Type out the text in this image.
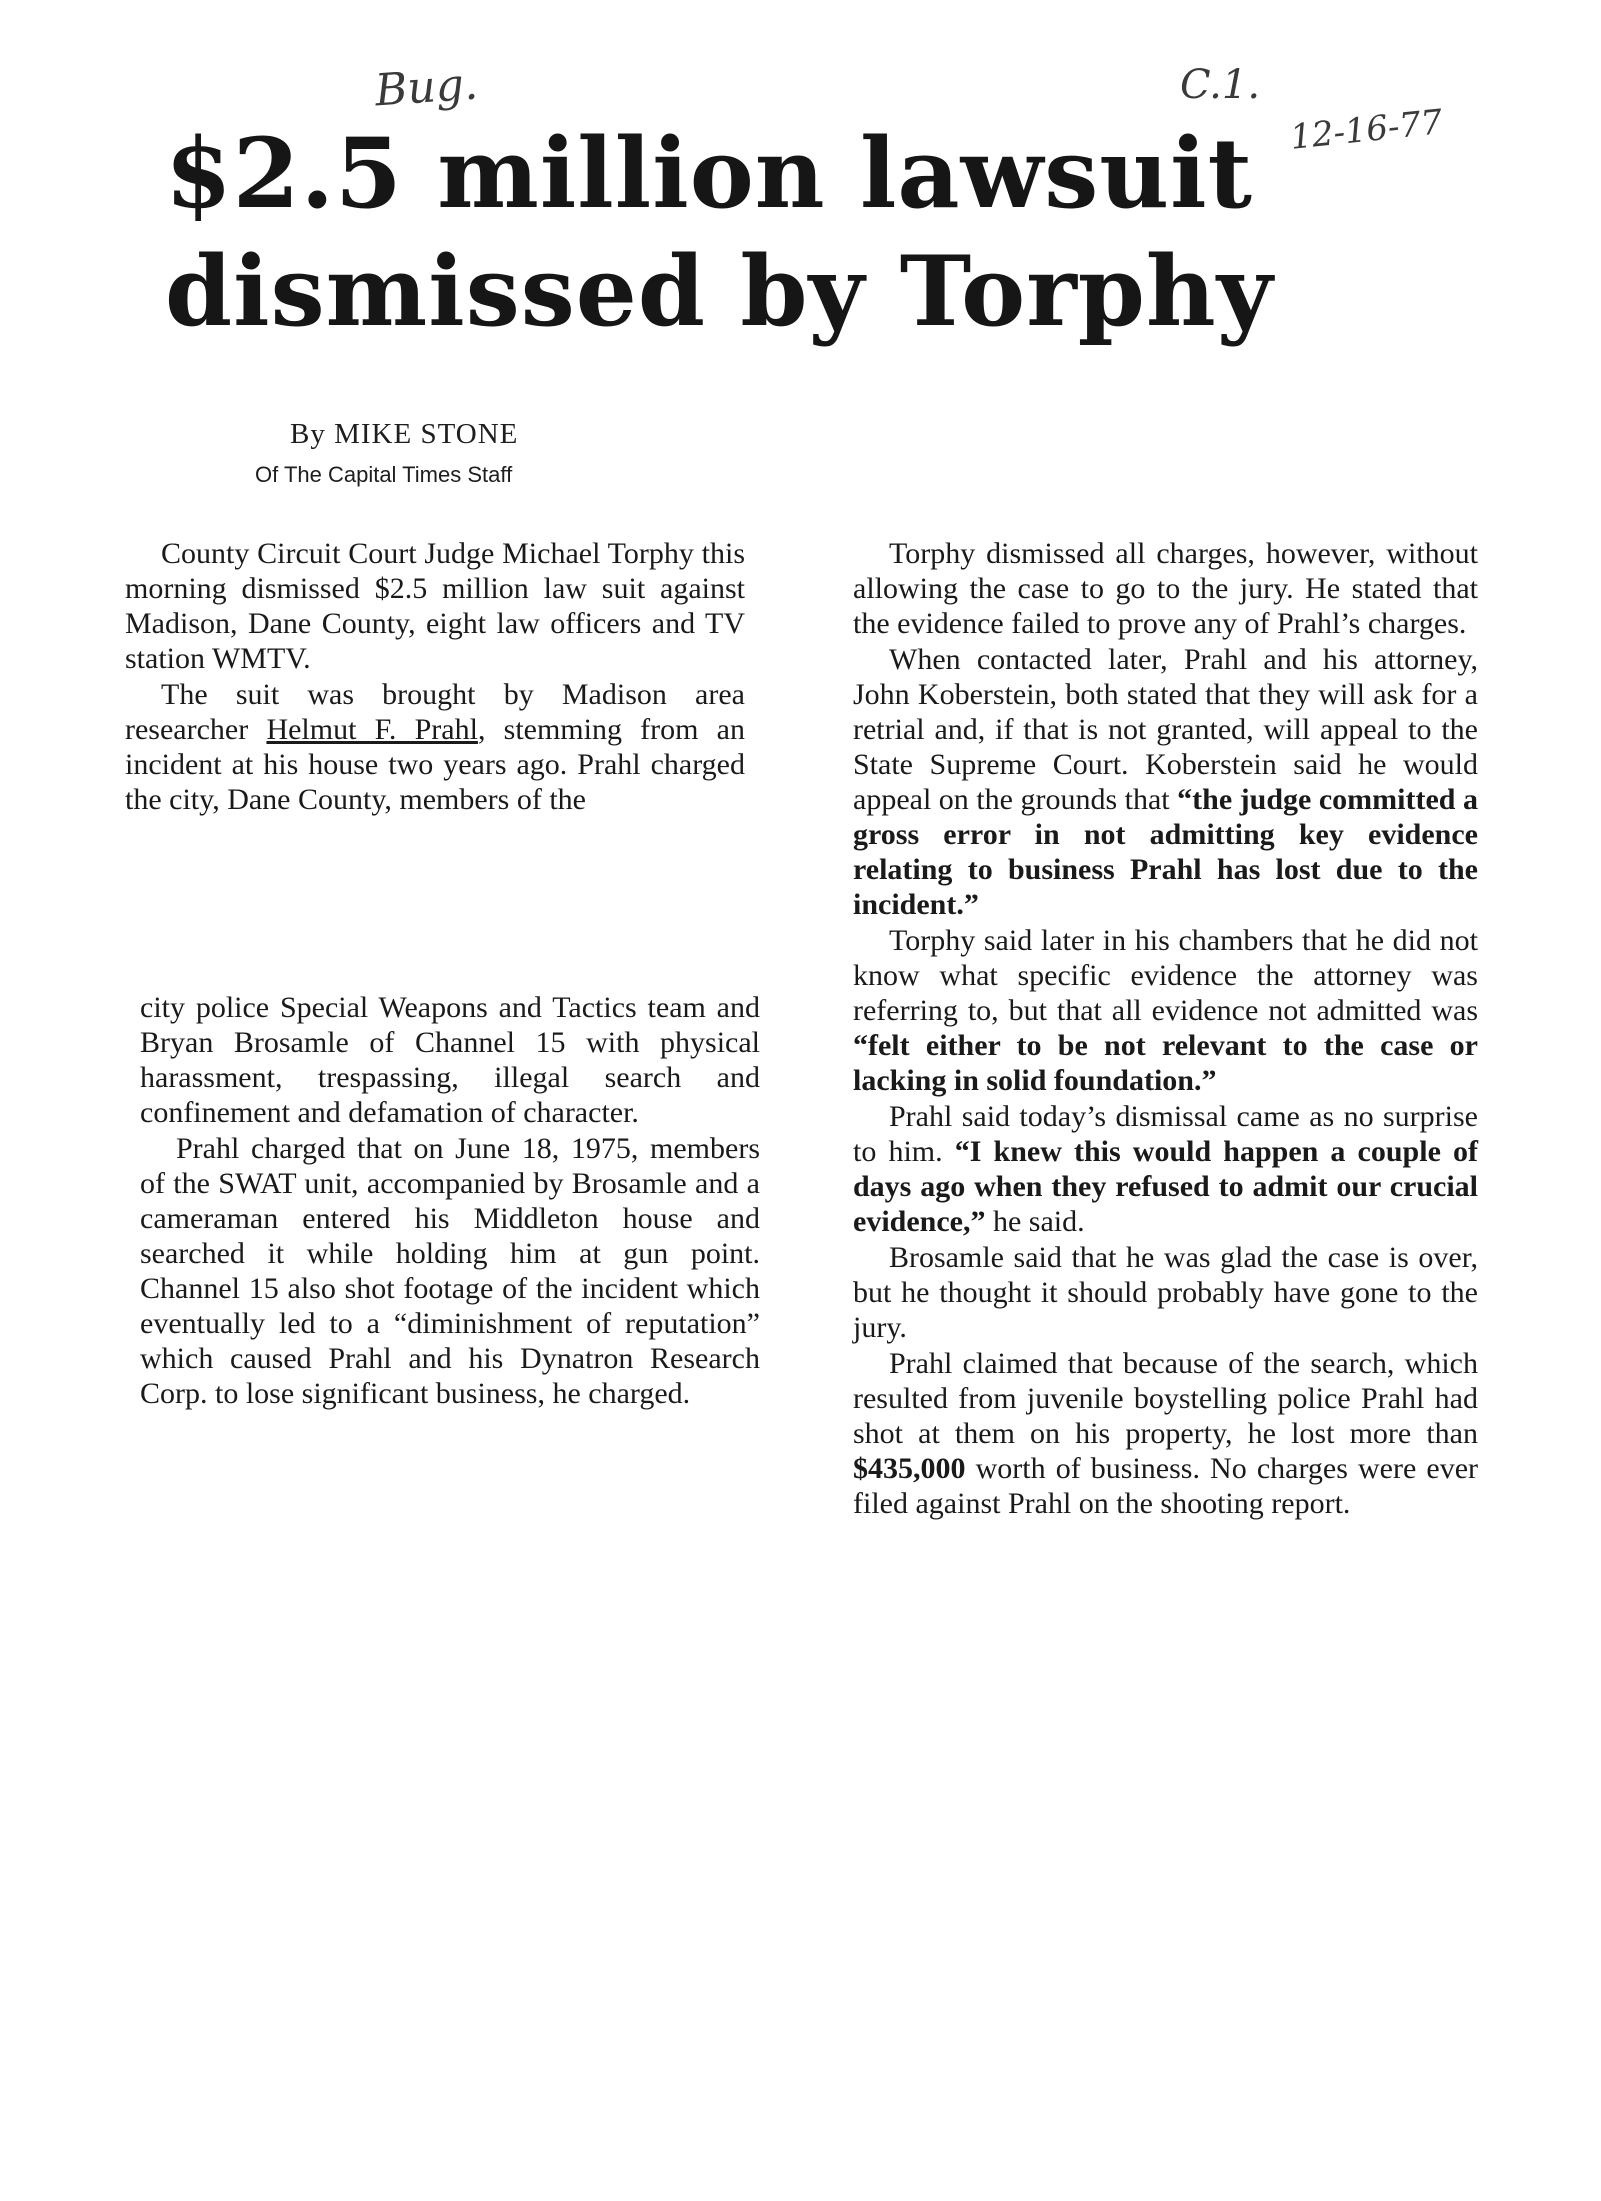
Bug.	C.1.
12-16-77
$2.5 million lawsuit
dismissed by Torphy
By MIKE STONE
Of The Capital Times Staff

County Circuit Court Judge Michael Torphy this morning dismissed $2.5 million law suit against Madison, Dane County, eight law officers and TV station WMTV.

The suit was brought by Madison area researcher Helmut F. Prahl, stemming from an incident at his house two years ago. Prahl charged the city, Dane County, members of the

city police Special Weapons and Tactics team and Bryan Brosamle of Channel 15 with physical harassment, trespassing, illegal search and confinement and defamation of character.

Prahl charged that on June 18, 1975, members of the SWAT unit, accompanied by Brosamle and a cameraman entered his Middleton house and searched it while holding him at gun point. Channel 15 also shot footage of the incident which eventually led to a “diminishment of reputation” which caused Prahl and his Dynatron Research Corp. to lose significant business, he charged.

Torphy dismissed all charges, however, without allowing the case to go to the jury. He stated that the evidence failed to prove any of Prahl’s charges.

When contacted later, Prahl and his attorney, John Koberstein, both stated that they will ask for a retrial and, if that is not granted, will appeal to the State Supreme Court. Koberstein said he would appeal on the grounds that “the judge committed a gross error in not admitting key evidence relating to business Prahl has lost due to the incident.”

Torphy said later in his chambers that he did not know what specific evidence the attorney was referring to, but that all evidence not admitted was “felt either to be not relevant to the case or lacking in solid foundation.”

Prahl said today’s dismissal came as no surprise to him. “I knew this would happen a couple of days ago when they refused to admit our crucial evidence,” he said.

Brosamle said that he was glad the case is over, but he thought it should probably have gone to the jury.

Prahl claimed that because of the search, which resulted from juvenile boystelling police Prahl had shot at them on his property, he lost more than $435,000 worth of business. No charges were ever filed against Prahl on the shooting report.
